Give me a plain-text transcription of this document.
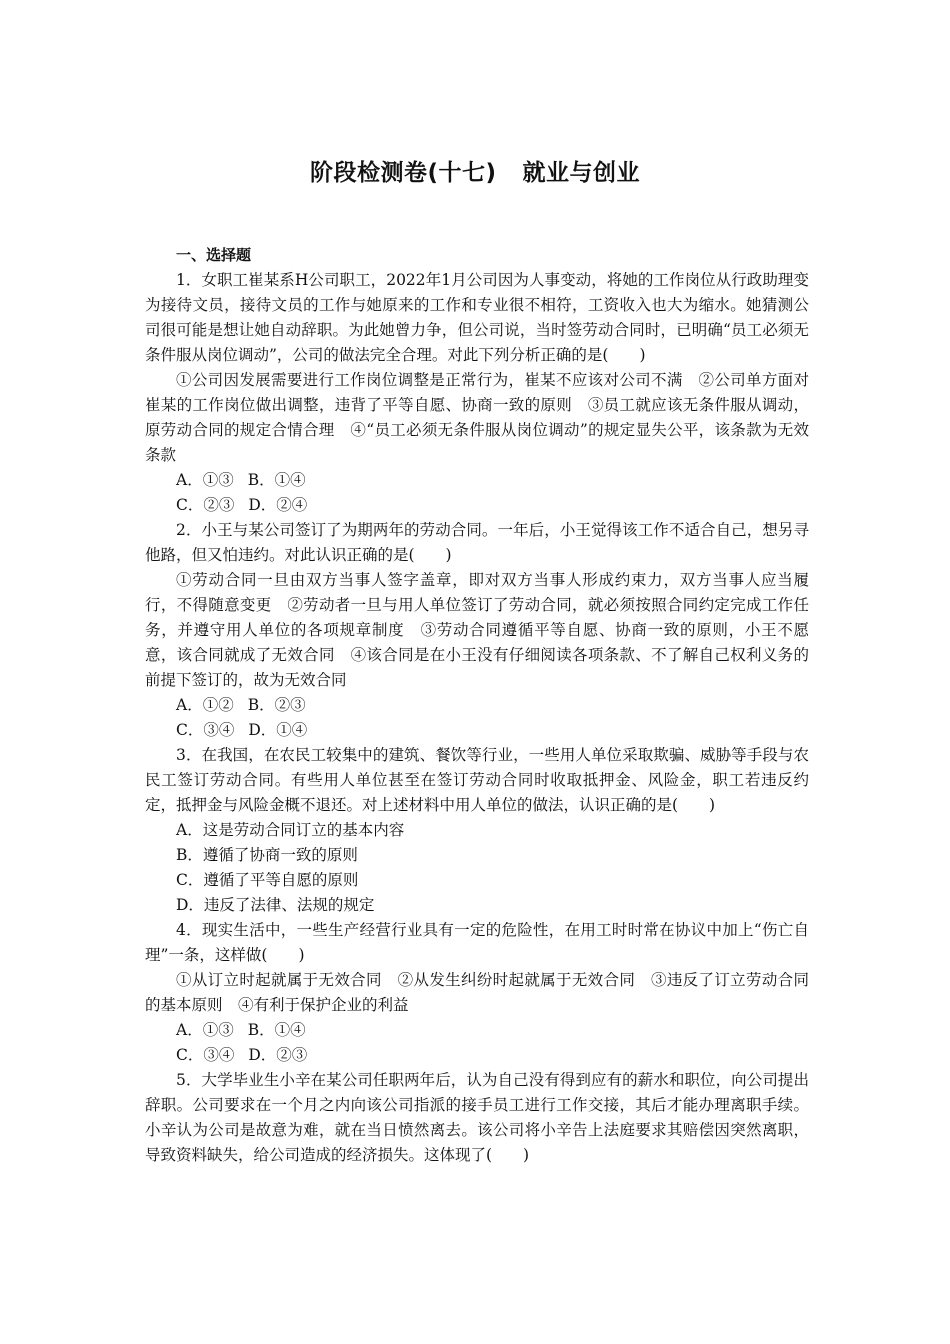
阶段检测卷(十七) 就业与创业
一、选择题

1．女职工崔某系H公司职工，2022年1月公司因为人事变动，将她的工作岗位从行政助理变为接待文员，接待文员的工作与她原来的工作和专业很不相符，工资收入也大为缩水。她猜测公司很可能是想让她自动辞职。为此她曾力争，但公司说，当时签劳动合同时，已明确“员工必须无条件服从岗位调动”，公司的做法完全合理。对此下列分析正确的是(　　)

①公司因发展需要进行工作岗位调整是正常行为，崔某不应该对公司不满　②公司单方面对崔某的工作岗位做出调整，违背了平等自愿、协商一致的原则　③员工就应该无条件服从调动，原劳动合同的规定合情合理　④“员工必须无条件服从岗位调动”的规定显失公平，该条款为无效条款

A．①③ B．①④

C．②③ D．②④

2．小王与某公司签订了为期两年的劳动合同。一年后，小王觉得该工作不适合自己，想另寻他路，但又怕违约。对此认识正确的是(　　)

①劳动合同一旦由双方当事人签字盖章，即对双方当事人形成约束力，双方当事人应当履行，不得随意变更　②劳动者一旦与用人单位签订了劳动合同，就必须按照合同约定完成工作任务，并遵守用人单位的各项规章制度　③劳动合同遵循平等自愿、协商一致的原则，小王不愿意，该合同就成了无效合同　④该合同是在小王没有仔细阅读各项条款、不了解自己权利义务的前提下签订的，故为无效合同

A．①② B．②③

C．③④ D．①④

3．在我国，在农民工较集中的建筑、餐饮等行业，一些用人单位采取欺骗、威胁等手段与农民工签订劳动合同。有些用人单位甚至在签订劳动合同时收取抵押金、风险金，职工若违反约定，抵押金与风险金概不退还。对上述材料中用人单位的做法，认识正确的是(　　)

A．这是劳动合同订立的基本内容

B．遵循了协商一致的原则

C．遵循了平等自愿的原则

D．违反了法律、法规的规定

4．现实生活中，一些生产经营行业具有一定的危险性，在用工时时常在协议中加上“伤亡自理”一条，这样做(　　)

①从订立时起就属于无效合同　②从发生纠纷时起就属于无效合同　③违反了订立劳动合同的基本原则　④有利于保护企业的利益

A．①③ B．①④

C．③④ D．②③

5．大学毕业生小辛在某公司任职两年后，认为自己没有得到应有的薪水和职位，向公司提出辞职。公司要求在一个月之内向该公司指派的接手员工进行工作交接，其后才能办理离职手续。小辛认为公司是故意为难，就在当日愤然离去。该公司将小辛告上法庭要求其赔偿因突然离职，导致资料缺失，给公司造成的经济损失。这体现了(　　)
